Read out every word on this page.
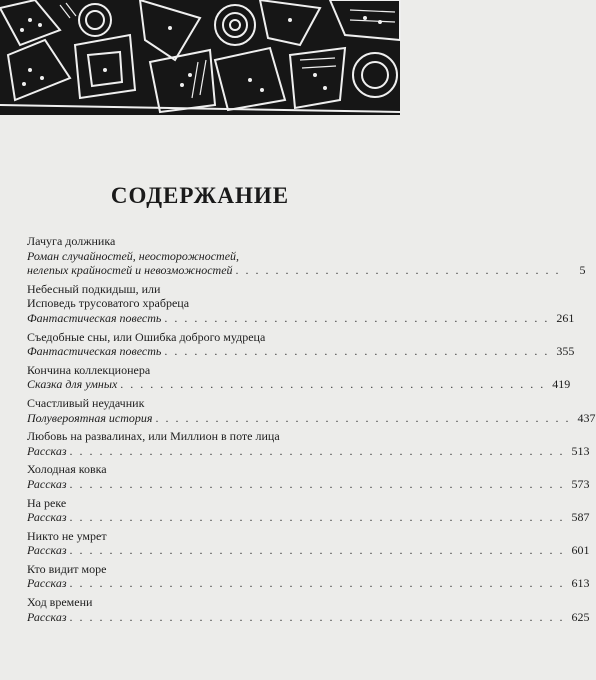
СОДЕРЖАНИЕ
Лачуга должника
Роман случайностей, неосторожностей,
нелепых крайностей и невозможностей . . . . . . . . . . . . . . . . . . . . . . . . . . . . . . . . .	5
Небесный подкидыш, или
Исповедь трусоватого храбреца
Фантастическая повесть . . . . . . . . . . . . . . . . . . . . . . . . . . . . . . . . . . . . . . . 261
Съедобные сны, или Ошибка доброго мудреца
Фантастическая повесть . . . . . . . . . . . . . . . . . . . . . . . . . . . . . . . . . . . . . . . 355
Кончина коллекционера
Сказка для умных . . . . . . . . . . . . . . . . . . . . . . . . . . . . . . . . . . . . . . . . . . . 419
Счастливый неудачник
Полувероятная история . . . . . . . . . . . . . . . . . . . . . . . . . . . . . . . . . . . . . . . . . . 437
Любовь на развалинах, или Миллион в поте лица
Рассказ . . . . . . . . . . . . . . . . . . . . . . . . . . . . . . . . . . . . . . . . . . . . . . . . . . 513
Холодная ковка
Рассказ . . . . . . . . . . . . . . . . . . . . . . . . . . . . . . . . . . . . . . . . . . . . . . . . . . 573
На реке
Рассказ . . . . . . . . . . . . . . . . . . . . . . . . . . . . . . . . . . . . . . . . . . . . . . . . . . 587
Никто не умрет
Рассказ . . . . . . . . . . . . . . . . . . . . . . . . . . . . . . . . . . . . . . . . . . . . . . . . . . 601
Кто видит море
Рассказ . . . . . . . . . . . . . . . . . . . . . . . . . . . . . . . . . . . . . . . . . . . . . . . . . . 613
Ход времени
Рассказ . . . . . . . . . . . . . . . . . . . . . . . . . . . . . . . . . . . . . . . . . . . . . . . . . . 625
